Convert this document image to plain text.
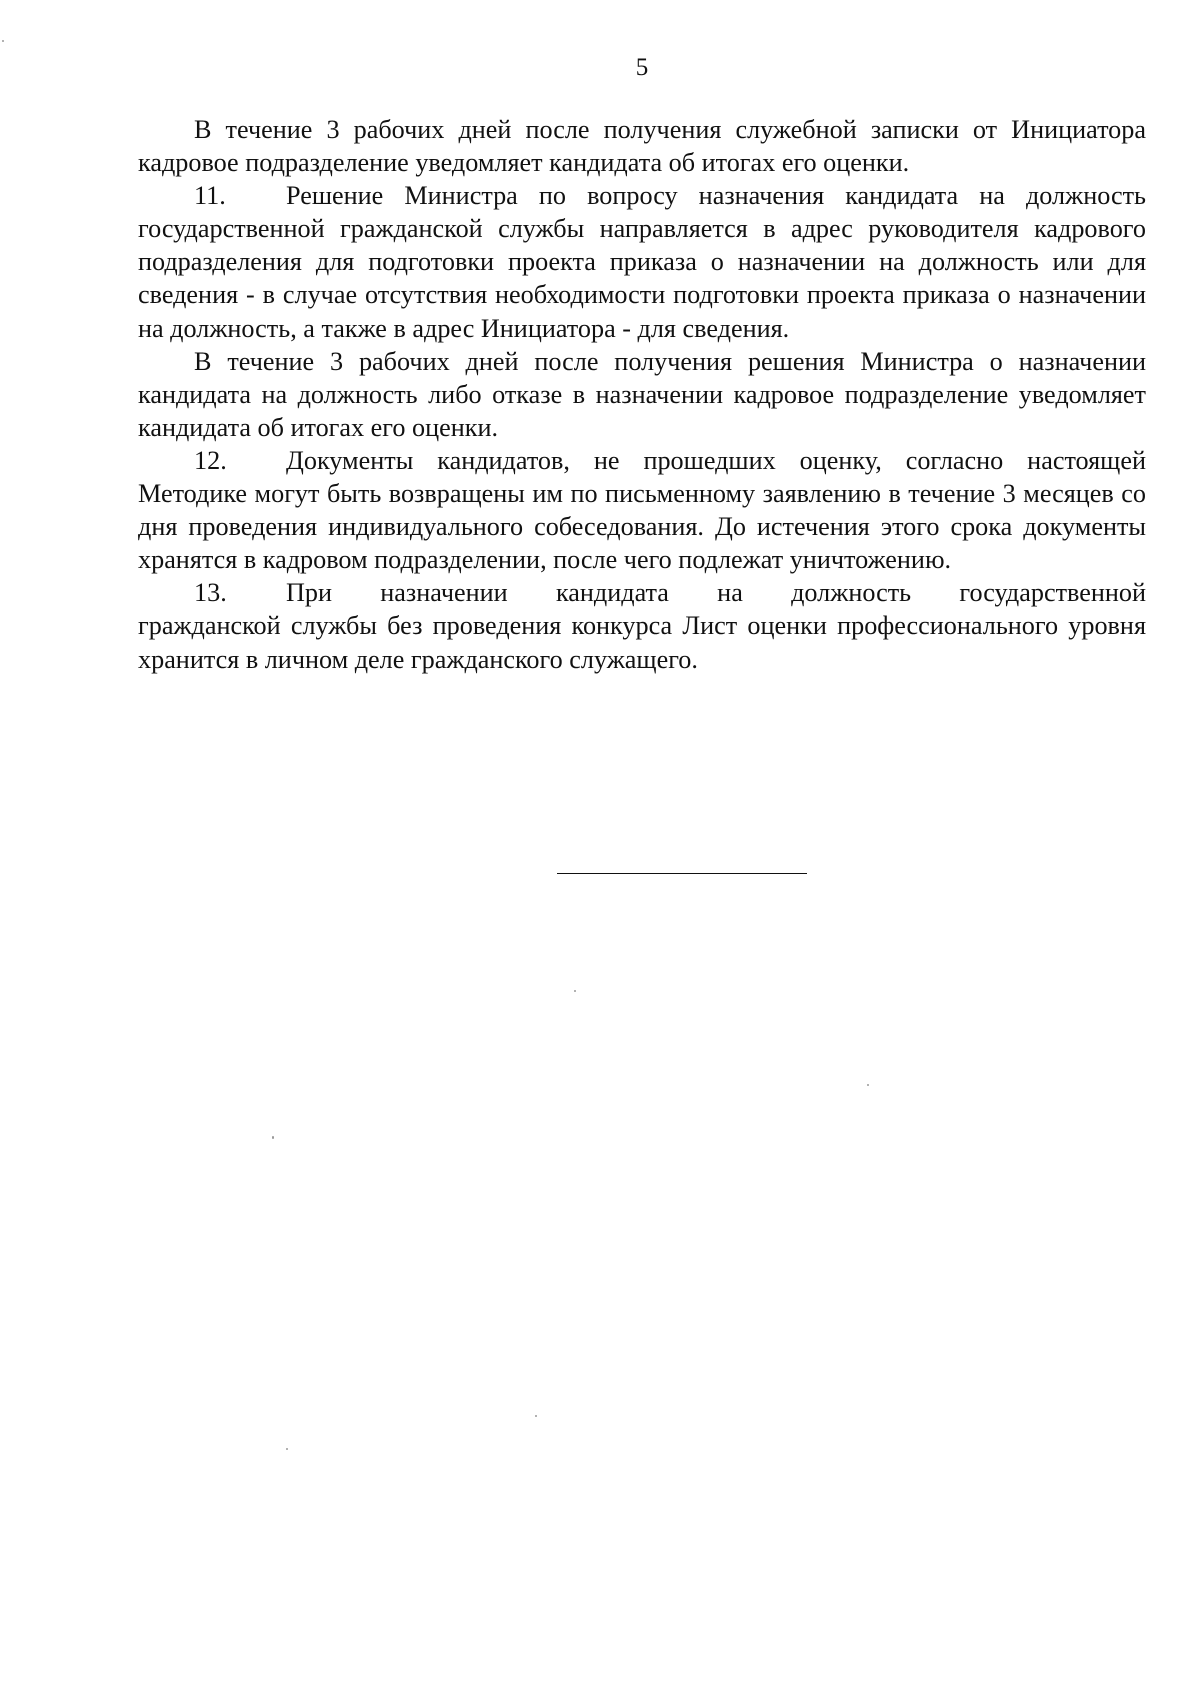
5

В течение 3 рабочих дней после получения служебной записки от Инициатора кадровое подразделение уведомляет кандидата об итогах его оценки.

11. Решение Министра по вопросу назначения кандидата на должность государственной гражданской службы направляется в адрес руководителя кадрового подразделения для подготовки проекта приказа о назначении на должность или для сведения - в случае отсутствия необходимости подготовки проекта приказа о назначении на должность, а также в адрес Инициатора - для сведения.

В течение 3 рабочих дней после получения решения Министра о назначении кандидата на должность либо отказе в назначении кадровое подразделение уведомляет кандидата об итогах его оценки.

12. Документы кандидатов, не прошедших оценку, согласно настоящей Методике могут быть возвращены им по письменному заявлению в течение 3 месяцев со дня проведения индивидуального собеседования. До истечения этого срока документы хранятся в кадровом подразделении, после чего подлежат уничтожению.

13. При назначении кандидата на должность государственной

гражданской службы без проведения конкурса Лист оценки профессионального уровня хранится в личном деле гражданского служащего.
